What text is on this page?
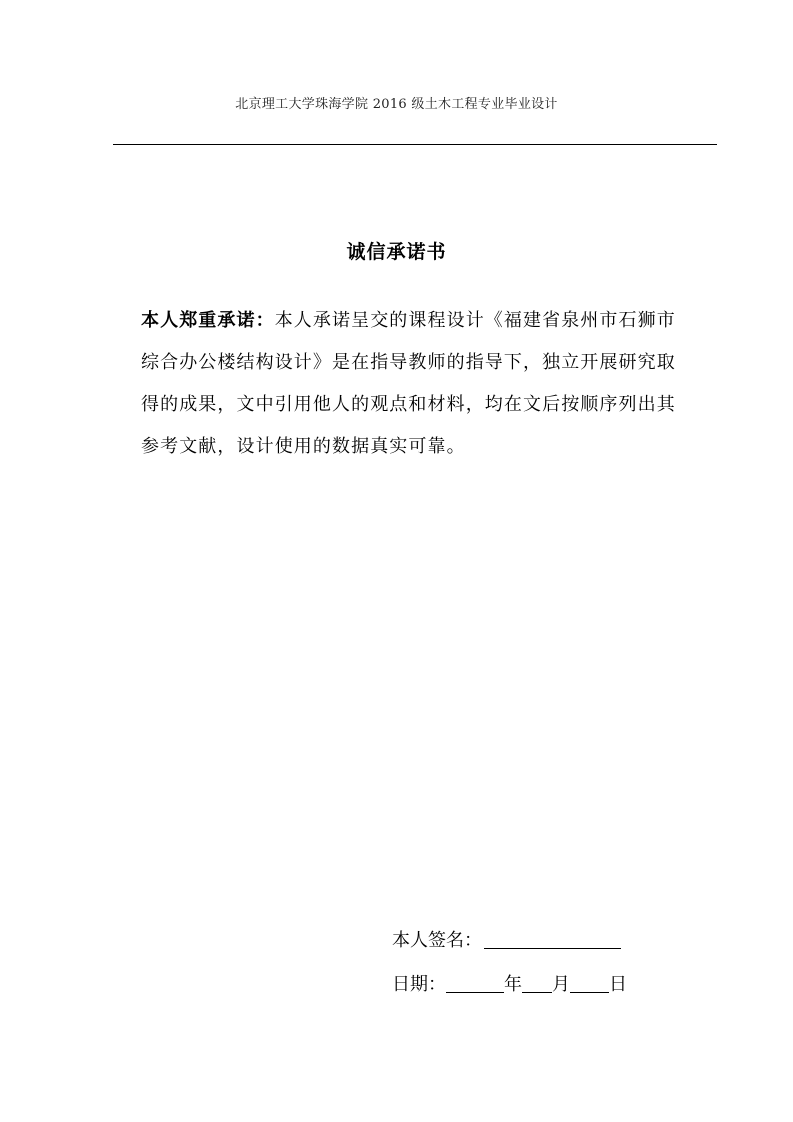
北京理工大学珠海学院 2016 级土木工程专业毕业设计
诚信承诺书
本人郑重承诺：本人承诺呈交的课程设计《福建省泉州市石狮市综合办公楼结构设计》是在指导教师的指导下，独立开展研究取得的成果，文中引用他人的观点和材料，均在文后按顺序列出其参考文献，设计使用的数据真实可靠。
本人签名：
日期：	年 月 日
